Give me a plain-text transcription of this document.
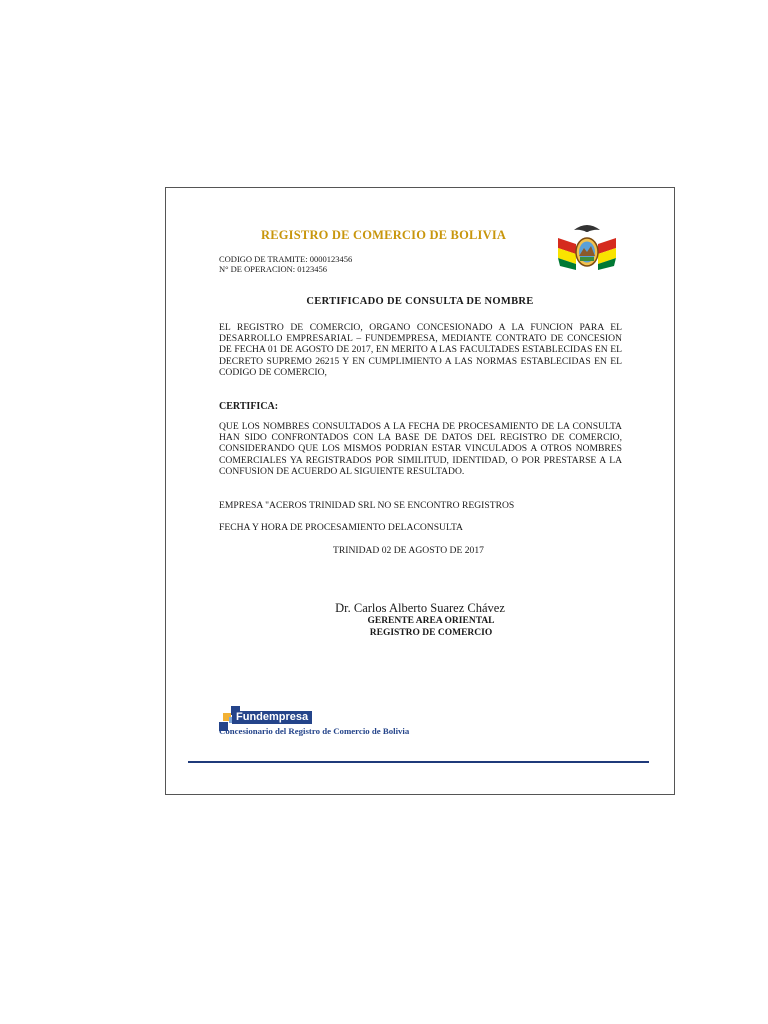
REGISTRO DE COMERCIO DE BOLIVIA
CODIGO DE TRAMITE: 0000123456
N° DE OPERACION: 0123456
CERTIFICADO DE CONSULTA DE NOMBRE
EL REGISTRO DE COMERCIO, ORGANO CONCESIONADO A LA FUNCION PARA EL DESARROLLO EMPRESARIAL – FUNDEMPRESA, MEDIANTE CONTRATO DE CONCESION DE FECHA 01 DE AGOSTO DE 2017, EN MERITO A LAS FACULTADES ESTABLECIDAS EN EL DECRETO SUPREMO 26215 Y EN CUMPLIMIENTO A LAS NORMAS ESTABLECIDAS EN EL CODIGO DE COMERCIO,
CERTIFICA:
QUE LOS NOMBRES CONSULTADOS A LA FECHA DE PROCESAMIENTO DE LA CONSULTA HAN SIDO CONFRONTADOS CON LA BASE DE DATOS DEL REGISTRO DE COMERCIO, CONSIDERANDO QUE LOS MISMOS PODRIAN ESTAR VINCULADOS A OTROS NOMBRES COMERCIALES YA REGISTRADOS POR SIMILITUD, IDENTIDAD, O POR PRESTARSE A LA CONFUSION DE ACUERDO AL SIGUIENTE RESULTADO.
EMPRESA "ACEROS TRINIDAD SRL NO SE ENCONTRO REGISTROS
FECHA Y HORA DE PROCESAMIENTO DELACONSULTA
TRINIDAD 02 DE AGOSTO DE 2017
Dr. Carlos Alberto Suarez Chávez
GERENTE AREA ORIENTAL
REGISTRO DE COMERCIO
Fundempresa
Concesionario del Registro de Comercio de Bolivia
